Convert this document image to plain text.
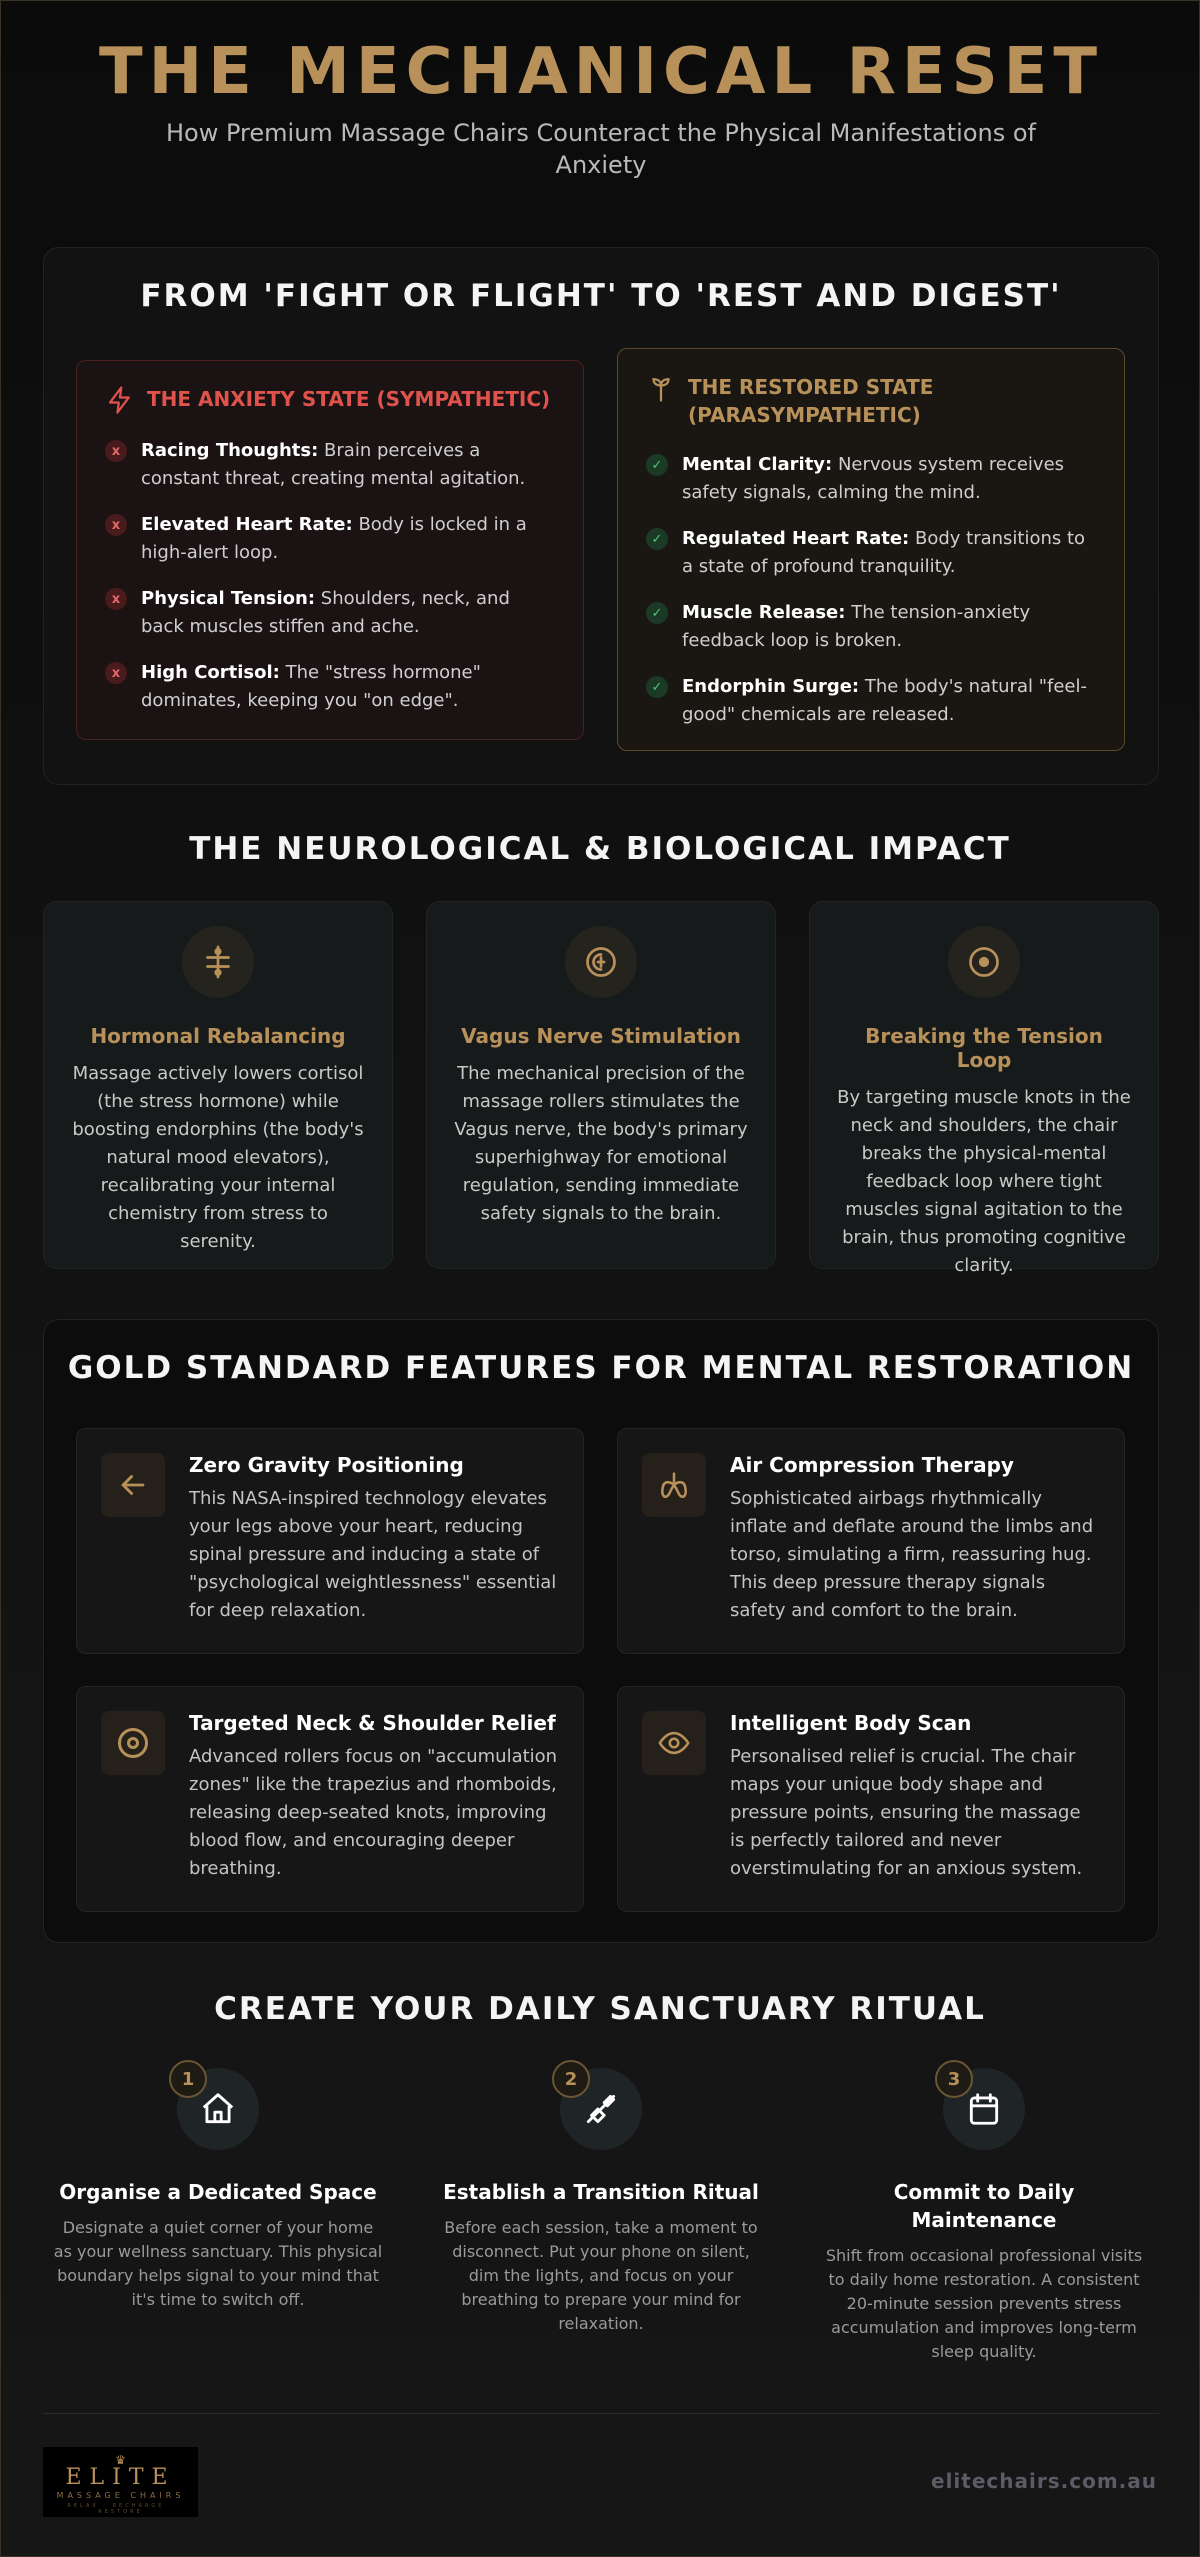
THE MECHANICAL RESET

How Premium Massage Chairs Counteract the Physical Manifestations of Anxiety

FROM 'FIGHT OR FLIGHT' TO 'REST AND DIGEST'
THE ANXIETY STATE (SYMPATHETIC)
x	Racing Thoughts: Brain perceives a constant threat, creating mental agitation.

x	Elevated Heart Rate: Body is locked in a high-alert loop.

x	Physical Tension: Shoulders, neck, and back muscles stiffen and ache.

x	High Cortisol: The "stress hormone" dominates, keeping you "on edge".

THE RESTORED STATE (PARASYMPATHETIC)
✓	Mental Clarity: Nervous system receives safety signals, calming the mind.

✓	Regulated Heart Rate: Body transitions to a state of profound tranquility.

✓	Muscle Release: The tension-anxiety feedback loop is broken.

✓	Endorphin Surge: The body's natural "feel-good" chemicals are released.

THE NEUROLOGICAL & BIOLOGICAL IMPACT
Hormonal Rebalancing

Massage actively lowers cortisol (the stress hormone) while boosting endorphins (the body's natural mood elevators), recalibrating your internal chemistry from stress to serenity.

Vagus Nerve Stimulation

The mechanical precision of the massage rollers stimulates the Vagus nerve, the body's primary superhighway for emotional regulation, sending immediate safety signals to the brain.

Breaking the Tension Loop

By targeting muscle knots in the neck and shoulders, the chair breaks the physical-mental feedback loop where tight muscles signal agitation to the brain, thus promoting cognitive clarity.

GOLD STANDARD FEATURES FOR MENTAL RESTORATION
Zero Gravity Positioning

This NASA-inspired technology elevates your legs above your heart, reducing spinal pressure and inducing a state of "psychological weightlessness" essential for deep relaxation.

Air Compression Therapy

Sophisticated airbags rhythmically inflate and deflate around the limbs and torso, simulating a firm, reassuring hug. This deep pressure therapy signals safety and comfort to the brain.

Targeted Neck & Shoulder Relief

Advanced rollers focus on "accumulation zones" like the trapezius and rhomboids, releasing deep-seated knots, improving blood flow, and encouraging deeper breathing.

Intelligent Body Scan

Personalised relief is crucial. The chair maps your unique body shape and pressure points, ensuring the massage is perfectly tailored and never overstimulating for an anxious system.

CREATE YOUR DAILY SANCTUARY RITUAL
1
Organise a Dedicated Space

Designate a quiet corner of your home as your wellness sanctuary. This physical boundary helps signal to your mind that it's time to switch off.

2
Establish a Transition Ritual

Before each session, take a moment to disconnect. Put your phone on silent, dim the lights, and focus on your breathing to prepare your mind for relaxation.

3
Commit to Daily Maintenance

Shift from occasional professional visits to daily home restoration. A consistent 20-minute session prevents stress accumulation and improves long-term sleep quality.

♛
ELITE
MASSAGE CHAIRS
RELAX · RECHARGE · RESTORE
elitechairs.com.au
